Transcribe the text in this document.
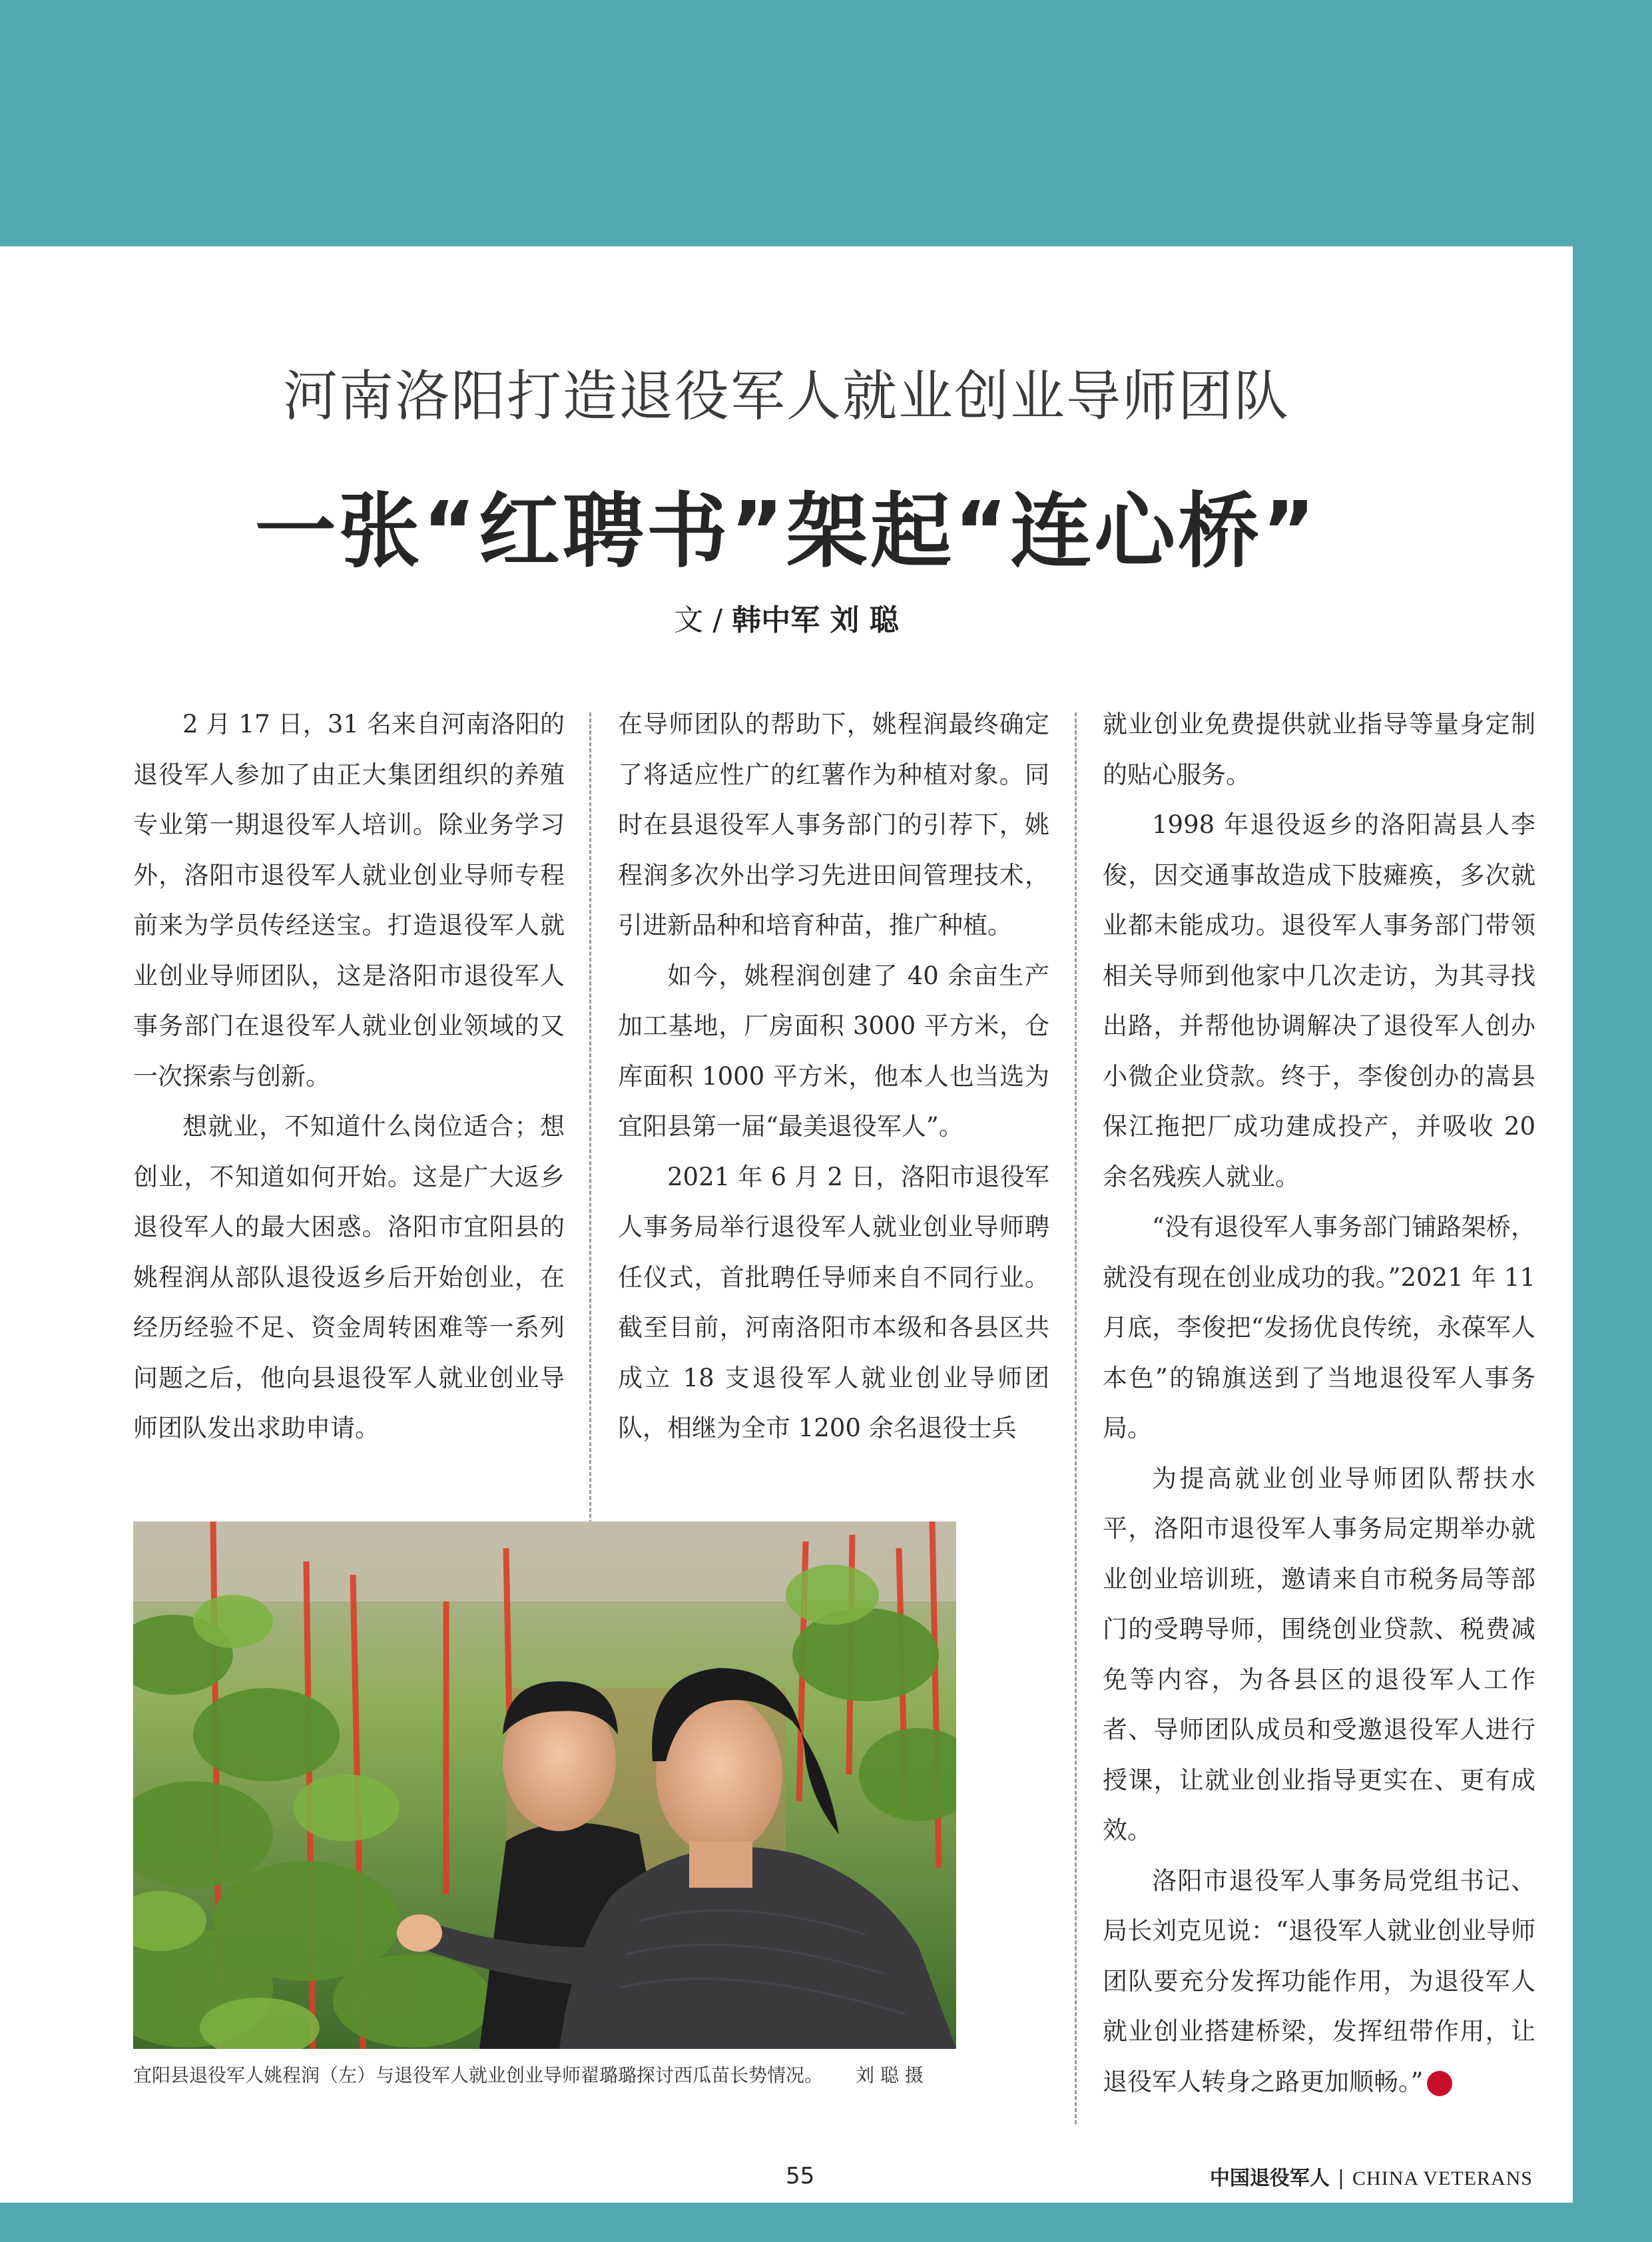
河南洛阳打造退役军人就业创业导师团队
一张“红聘书”架起“连心桥”
文 / 韩中军 刘 聪

2 月 17 日，31 名来自河南洛阳的退役军人参加了由正大集团组织的养殖专业第一期退役军人培训。除业务学习外，洛阳市退役军人就业创业导师专程前来为学员传经送宝。打造退役军人就业创业导师团队，这是洛阳市退役军人事务部门在退役军人就业创业领域的又一次探索与创新。

想就业，不知道什么岗位适合；想创业，不知道如何开始。这是广大返乡退役军人的最大困惑。洛阳市宜阳县的姚程润从部队退役返乡后开始创业，在经历经验不足、资金周转困难等一系列问题之后，他向县退役军人就业创业导师团队发出求助申请。

在导师团队的帮助下，姚程润最终确定了将适应性广的红薯作为种植对象。同时在县退役军人事务部门的引荐下，姚程润多次外出学习先进田间管理技术，引进新品种和培育种苗，推广种植。

如今，姚程润创建了 40 余亩生产加工基地，厂房面积 3000 平方米，仓库面积 1000 平方米，他本人也当选为宜阳县第一届“最美退役军人”。

2021 年 6 月 2 日，洛阳市退役军人事务局举行退役军人就业创业导师聘任仪式，首批聘任导师来自不同行业。截至目前，河南洛阳市本级和各县区共成立 18 支退役军人就业创业导师团队，相继为全市 1200 余名退役士兵

就业创业免费提供就业指导等量身定制的贴心服务。

1998 年退役返乡的洛阳嵩县人李俊，因交通事故造成下肢瘫痪，多次就业都未能成功。退役军人事务部门带领相关导师到他家中几次走访，为其寻找出路，并帮他协调解决了退役军人创办小微企业贷款。终于，李俊创办的嵩县保江拖把厂成功建成投产，并吸收 20 余名残疾人就业。

“没有退役军人事务部门铺路架桥，就没有现在创业成功的我。”2021 年 11 月底，李俊把“发扬优良传统，永葆军人本色”的锦旗送到了当地退役军人事务局。

为提高就业创业导师团队帮扶水平，洛阳市退役军人事务局定期举办就业创业培训班，邀请来自市税务局等部门的受聘导师，围绕创业贷款、税费减免等内容，为各县区的退役军人工作者、导师团队成员和受邀退役军人进行授课，让就业创业指导更实在、更有成效。

洛阳市退役军人事务局党组书记、局长刘克见说：“退役军人就业创业导师团队要充分发挥功能作用，为退役军人就业创业搭建桥梁，发挥纽带作用，让退役军人转身之路更加顺畅。”	V

宜阳县退役军人姚程润（左）与退役军人就业创业导师翟璐璐探讨西瓜苗长势情况。 刘 聪 摄
55	中国退役军人 | CHINA VETERANS
